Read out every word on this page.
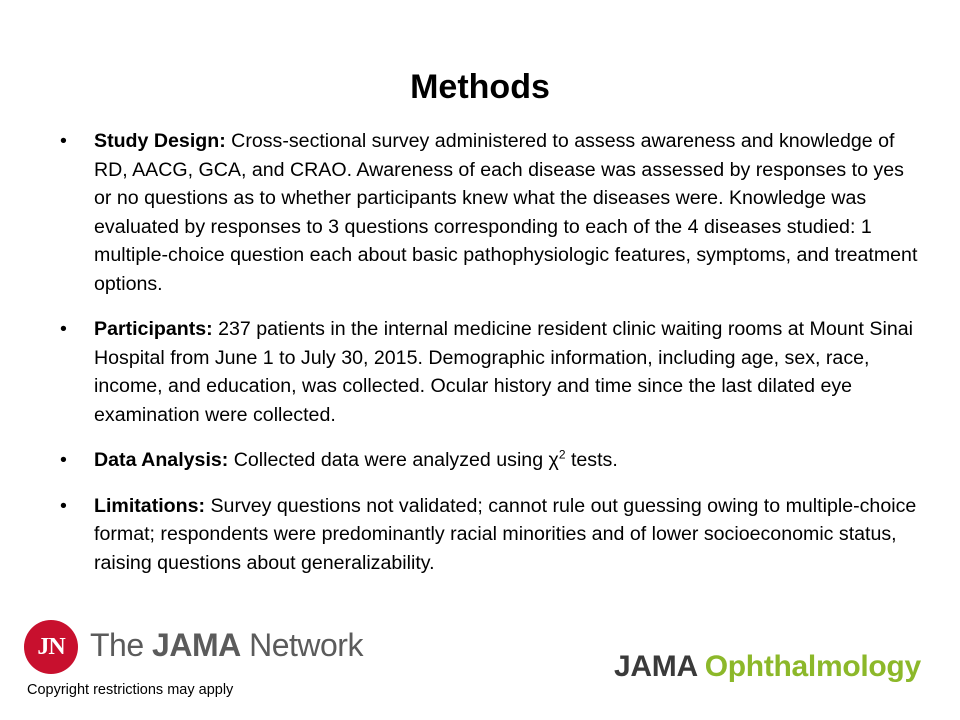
Methods
• Study Design: Cross-sectional survey administered to assess awareness and knowledge of RD, AACG, GCA, and CRAO. Awareness of each disease was assessed by responses to yes or no questions as to whether participants knew what the diseases were. Knowledge was evaluated by responses to 3 questions corresponding to each of the 4 diseases studied: 1 multiple-choice question each about basic pathophysiologic features, symptoms, and treatment options.
• Participants: 237 patients in the internal medicine resident clinic waiting rooms at Mount Sinai Hospital from June 1 to July 30, 2015. Demographic information, including age, sex, race, income, and education, was collected. Ocular history and time since the last dilated eye examination were collected.
• Data Analysis: Collected data were analyzed using $\chi^2$ tests.
• Limitations: Survey questions not validated; cannot rule out guessing owing to multiple-choice format; respondents were predominantly racial minorities and of lower socioeconomic status, raising questions about generalizability.
JN The JAMA Network
JAMA Ophthalmology
Copyright restrictions may apply
